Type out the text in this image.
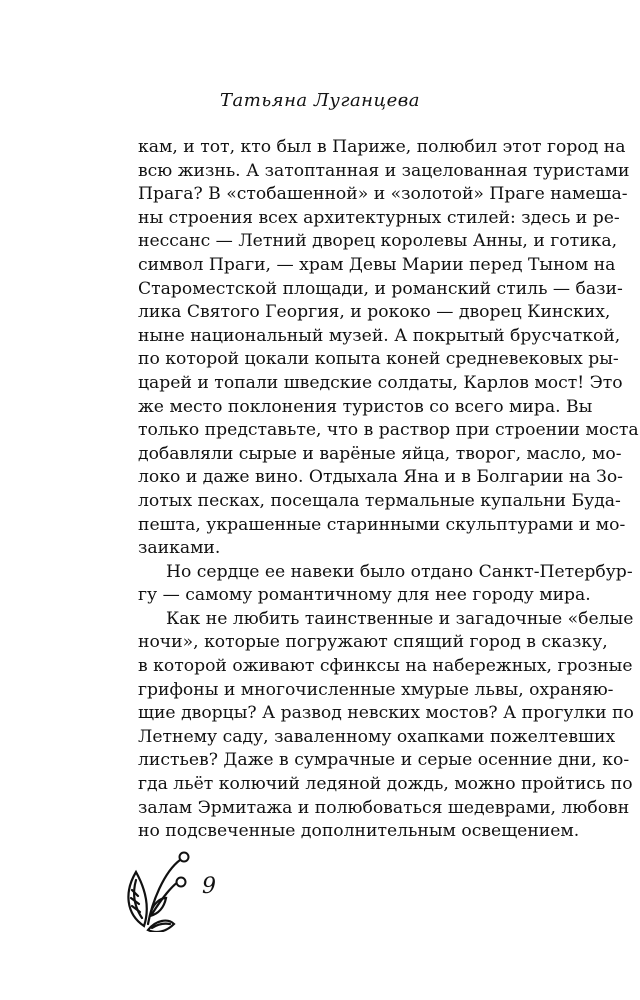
Татьяна Луганцева
кам, и тот, кто был в Париже, полюбил этот город на
всю жизнь. А затоптанная и зацелованная туристами
Прага? В «стобашенной» и «золотой» Праге намеша-
ны строения всех архитектурных стилей: здесь и ре-
нессанс — Летний дворец королевы Анны, и готика,
символ Праги, — храм Девы Марии перед Тыном на
Староместской площади, и романский стиль — бази-
лика Святого Георгия, и рококо — дворец Кинских,
ныне национальный музей. А покрытый брусчаткой,
по которой цокали копыта коней средневековых ры-
царей и топали шведские солдаты, Карлов мост! Это
же место поклонения туристов со всего мира. Вы
только представьте, что в раствор при строении моста
добавляли сырые и варёные яйца, творог, масло, мо-
локо и даже вино. Отдыхала Яна и в Болгарии на Зо-
лотых песках, посещала термальные купальни Буда-
пешта, украшенные старинными скульптурами и мо-
заиками.
Но сердце ее навеки было отдано Санкт-Петербур-
гу — самому романтичному для нее городу мира.
Как не любить таинственные и загадочные «белые
ночи», которые погружают спящий город в сказку,
в которой оживают сфинксы на набережных, грозные
грифоны и многочисленные хмурые львы, охраняю-
щие дворцы? А развод невских мостов? А прогулки по
Летнему саду, заваленному охапками пожелтевших
листьев? Даже в сумрачные и серые осенние дни, ко-
гда льёт колючий ледяной дождь, можно пройтись по
залам Эрмитажа и полюбоваться шедеврами, любовн
но подсвеченные дополнительным освещением.
9
